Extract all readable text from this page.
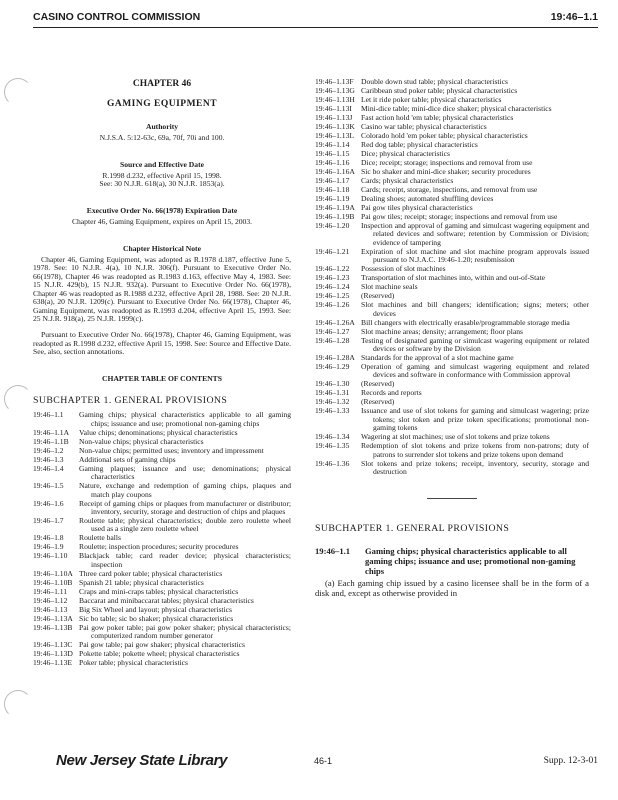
CASINO CONTROL COMMISSION	19:46–1.1
CHAPTER 46
GAMING EQUIPMENT
Authority
N.J.S.A. 5:12-63c, 69a, 70f, 70i and 100.
Source and Effective Date
R.1998 d.232, effective April 15, 1998.
See: 30 N.J.R. 618(a), 30 N.J.R. 1853(a).
Executive Order No. 66(1978) Expiration Date
Chapter 46, Gaming Equipment, expires on April 15, 2003.
Chapter Historical Note

Chapter 46, Gaming Equipment, was adopted as R.1978 d.187, effective June 5, 1978. See: 10 N.J.R. 4(a), 10 N.J.R. 306(f). Pursuant to Executive Order No. 66(1978), Chapter 46 was readopted as R.1983 d.163, effective May 4, 1983. See: 15 N.J.R. 429(b), 15 N.J.R. 932(a). Pursuant to Executive Order No. 66(1978), Chapter 46 was readopted as R.1988 d.232, effective April 28, 1988. See: 20 N.J.R. 638(a), 20 N.J.R. 1209(c). Pursuant to Executive Order No. 66(1978), Chapter 46, Gaming Equipment, was readopted as R.1993 d.204, effective April 15, 1993. See: 25 N.J.R. 918(a), 25 N.J.R. 1999(c).

Pursuant to Executive Order No. 66(1978), Chapter 46, Gaming Equipment, was readopted as R.1998 d.232, effective April 15, 1998. See: Source and Effective Date. See, also, section annotations.

CHAPTER TABLE OF CONTENTS
SUBCHAPTER 1. GENERAL PROVISIONS
19:46–1.1	Gaming chips; physical characteristics applicable to all gaming chips; issuance and use; promotional non-gaming chips
19:46–1.1A	Value chips; denominations; physical characteristics
19:46–1.1B	Non-value chips; physical characteristics
19:46–1.2	Non-value chips; permitted uses; inventory and impressment
19:46–1.3	Additional sets of gaming chips
19:46–1.4	Gaming plaques; issuance and use; denominations; physical characteristics
19:46–1.5	Nature, exchange and redemption of gaming chips, plaques and match play coupons
19:46–1.6	Receipt of gaming chips or plaques from manufacturer or distributor; inventory, security, storage and destruction of chips and plaques
19:46–1.7	Roulette table; physical characteristics; double zero roulette wheel used as a single zero roulette wheel
19:46–1.8	Roulette balls
19:46–1.9	Roulette; inspection procedures; security procedures
19:46–1.10	Blackjack table; card reader device; physical characteristics; inspection
19:46–1.10A Three card poker table; physical characteristics
19:46–1.10B Spanish 21 table; physical characteristics
19:46–1.11	Craps and mini-craps tables; physical characteristics
19:46–1.12	Baccarat and minibaccarat tables; physical characteristics
19:46–1.13	Big Six Wheel and layout; physical characteristics
19:46–1.13A Sic bo table; sic bo shaker; physical characteristics
19:46–1.13B Pai gow poker table; pai gow poker shaker; physical characteristics; computerized random number generator
19:46–1.13C Pai gow table; pai gow shaker; physical characteristics
19:46–1.13D Pokette table; pokette wheel; physical characteristics
19:46–1.13E Poker table; physical characteristics
19:46–1.13F Double down stud table; physical characteristics
19:46–1.13G Caribbean stud poker table; physical characteristics
19:46–1.13H Let it ride poker table; physical characteristics
19:46–1.13I	Mini-dice table; mini-dice dice shaker; physical characteristics
19:46–1.13J	Fast action hold 'em table; physical characteristics
19:46–1.13K Casino war table; physical characteristics
19:46–1.13L Colorado hold 'em poker table; physical characteristics
19:46–1.14	Red dog table; physical characteristics
19:46–1.15	Dice; physical characteristics
19:46–1.16	Dice; receipt; storage; inspections and removal from use
19:46–1.16A Sic bo shaker and mini-dice shaker; security procedures
19:46–1.17	Cards; physical characteristics
19:46–1.18	Cards; receipt, storage, inspections, and removal from use
19:46–1.19	Dealing shoes; automated shuffling devices
19:46–1.19A Pai gow tiles physical characteristics
19:46–1.19B Pai gow tiles; receipt; storage; inspections and removal from use
19:46–1.20	Inspection and approval of gaming and simulcast wagering equipment and related devices and software; retention by Commission or Division; evidence of tampering
19:46–1.21	Expiration of slot machine and slot machine program approvals issued pursuant to N.J.A.C. 19:46-1.20; resubmission
19:46–1.22	Possession of slot machines
19:46–1.23	Transportation of slot machines into, within and out-of-State
19:46–1.24	Slot machine seals
19:46–1.25	(Reserved)
19:46–1.26	Slot machines and bill changers; identification; signs; meters; other devices
19:46–1.26A Bill changers with electrically erasable/programmable storage media
19:46–1.27	Slot machine areas; density; arrangement; floor plans
19:46–1.28	Testing of designated gaming or simulcast wagering equipment or related devices or software by the Division
19:46–1.28A Standards for the approval of a slot machine game
19:46–1.29	Operation of gaming and simulcast wagering equipment and related devices and software in conformance with Commission approval
19:46–1.30	(Reserved)
19:46–1.31	Records and reports
19:46–1.32	(Reserved)
19:46–1.33	Issuance and use of slot tokens for gaming and simulcast wagering; prize tokens; slot token and prize token specifications; promotional non-gaming tokens
19:46–1.34	Wagering at slot machines; use of slot tokens and prize tokens
19:46–1.35	Redemption of slot tokens and prize tokens from non-patrons; duty of patrons to surrender slot tokens and prize tokens upon demand
19:46–1.36	Slot tokens and prize tokens; receipt, inventory, security, storage and destruction
SUBCHAPTER 1. GENERAL PROVISIONS
19:46–1.1	Gaming chips; physical characteristics applicable to all gaming chips; issuance and use; promotional non-gaming chips
(a) Each gaming chip issued by a casino licensee shall be in the form of a disk and, except as otherwise provided in
New Jersey State Library	46-1	Supp. 12-3-01
